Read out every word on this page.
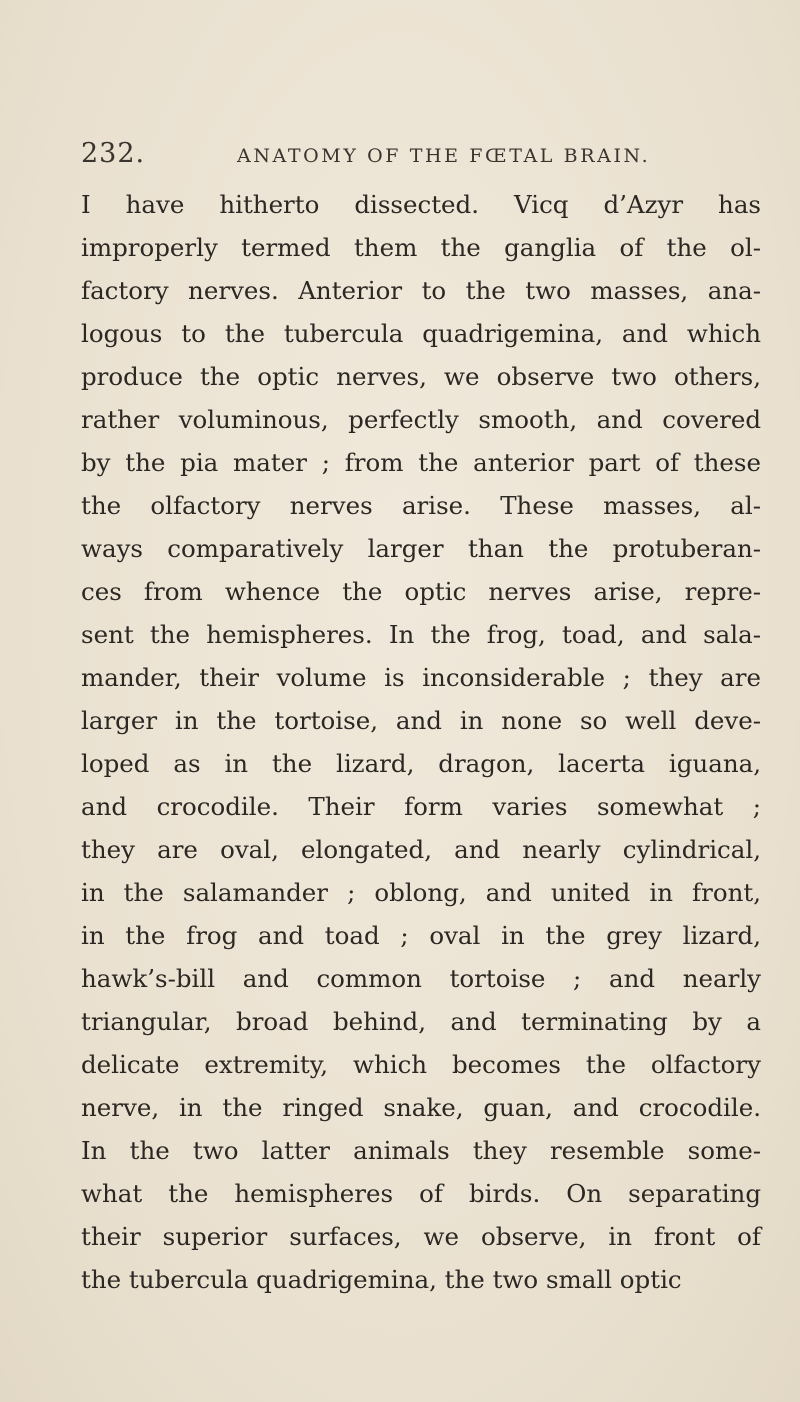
232.	ANATOMY OF THE FŒTAL BRAIN.
I have hitherto dissected. Vicq d’Azyr has
improperly termed them the ganglia of the ol-
factory nerves. Anterior to the two masses, ana-
logous to the tubercula quadrigemina, and which
produce the optic nerves, we observe two others,
rather voluminous, perfectly smooth, and covered
by the pia mater ; from the anterior part of these
the olfactory nerves arise. These masses, al-
ways comparatively larger than the protuberan-
ces from whence the optic nerves arise, repre-
sent the hemispheres. In the frog, toad, and sala-
mander, their volume is inconsiderable ; they are
larger in the tortoise, and in none so well deve-
loped as in the lizard, dragon, lacerta iguana,
and crocodile. Their form varies somewhat ;
they are oval, elongated, and nearly cylindrical,
in the salamander ; oblong, and united in front,
in the frog and toad ; oval in the grey lizard,
hawk’s-bill and common tortoise ; and nearly
triangular, broad behind, and terminating by a
delicate extremity, which becomes the olfactory
nerve, in the ringed snake, guan, and crocodile.
In the two latter animals they resemble some-
what the hemispheres of birds. On separating
their superior surfaces, we observe, in front of
the tubercula quadrigemina, the two small optic
